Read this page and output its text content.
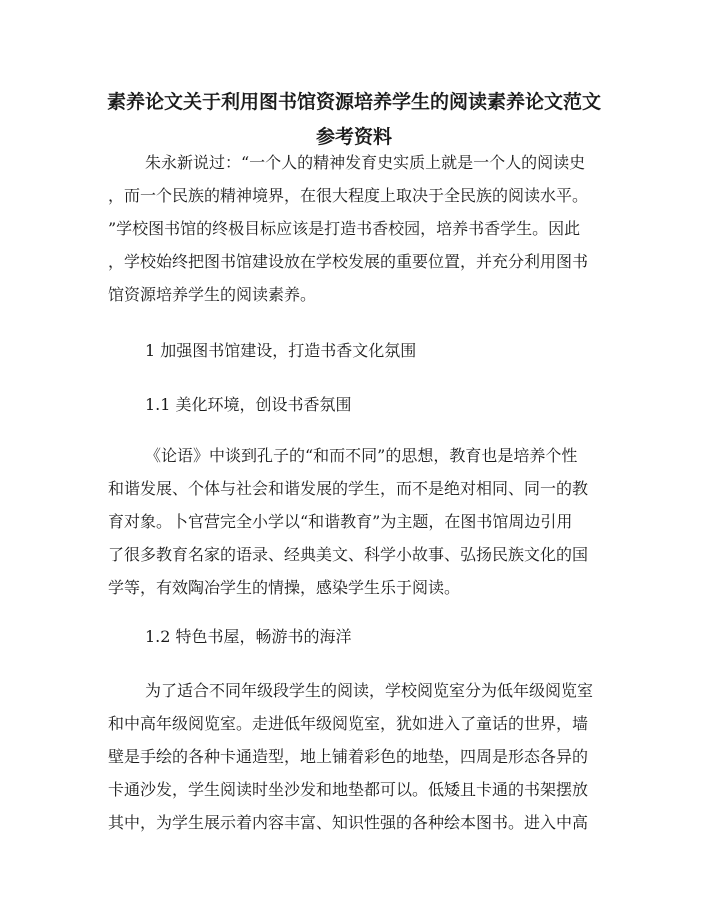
素养论文关于利用图书馆资源培养学生的阅读素养论文范文
参考资料

朱永新说过：“一个人的精神发育史实质上就是一个人的阅读史

，而一个民族的精神境界，在很大程度上取决于全民族的阅读水平。

”学校图书馆的终极目标应该是打造书香校园，培养书香学生。因此

，学校始终把图书馆建设放在学校发展的重要位置，并充分利用图书

馆资源培养学生的阅读素养。

1 加强图书馆建设，打造书香文化氛围

1.1 美化环境，创设书香氛围

《论语》中谈到孔子的“和而不同”的思想，教育也是培养个性

和谐发展、个体与社会和谐发展的学生，而不是绝对相同、同一的教

育对象。卜官营完全小学以“和谐教育”为主题，在图书馆周边引用

了很多教育名家的语录、经典美文、科学小故事、弘扬民族文化的国

学等，有效陶冶学生的情操，感染学生乐于阅读。

1.2 特色书屋，畅游书的海洋

为了适合不同年级段学生的阅读，学校阅览室分为低年级阅览室

和中高年级阅览室。走进低年级阅览室，犹如进入了童话的世界，墙

壁是手绘的各种卡通造型，地上铺着彩色的地垫，四周是形态各异的

卡通沙发，学生阅读时坐沙发和地垫都可以。低矮且卡通的书架摆放

其中，为学生展示着内容丰富、知识性强的各种绘本图书。进入中高
